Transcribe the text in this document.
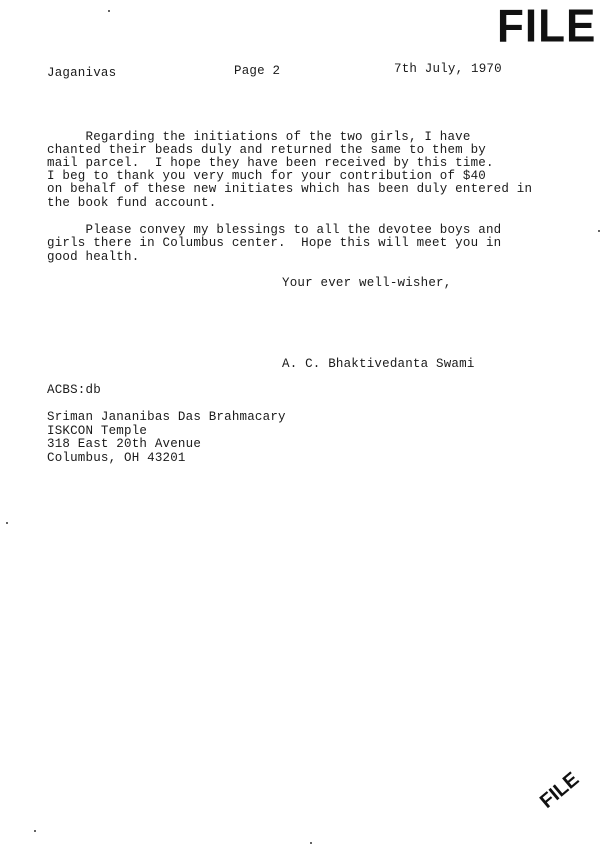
FILE
Jaganivas	Page 2	7th July, 1970
Regarding the initiations of the two girls, I have
chanted their beads duly and returned the same to them by
mail parcel.  I hope they have been received by this time.
I beg to thank you very much for your contribution of $40
on behalf of these new initiates which has been duly entered in
the book fund account.
Please convey my blessings to all the devotee boys and
girls there in Columbus center.  Hope this will meet you in
good health.
Your ever well-wisher,
A. C. Bhaktivedanta Swami
ACBS:db
Sriman Jananibas Das Brahmacary
ISKCON Temple
318 East 20th Avenue
Columbus, OH 43201
FILE
